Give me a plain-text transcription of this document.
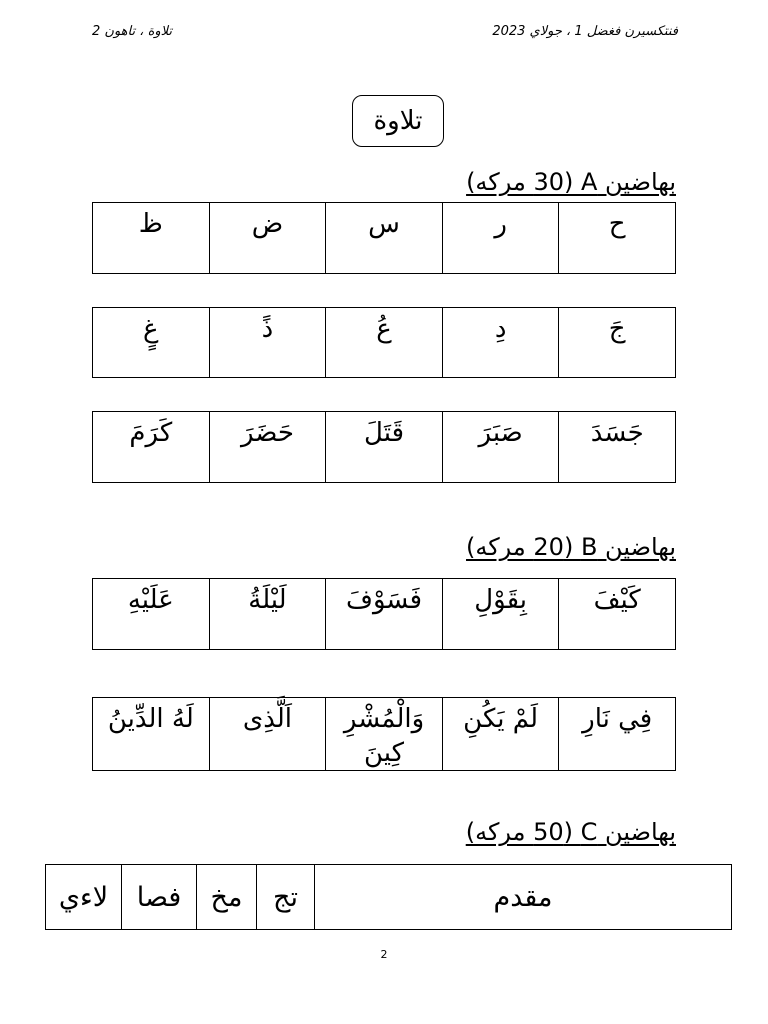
فنتكسيرن فغضل 1 ، جولاي 2023
تلاوة ، تاهون 2
تلاوة
بهاضين A (30 مركه)
ح	ر	س	ض	ظ
جَ	دِ	عُ	ذً	غٍ
جَسَدَ	صَبَرَ	قَتَلَ	حَضَرَ	كَرَمَ
بهاضين B (20 مركه)
كَيْفَ	بِقَوْلِ	فَسَوْفَ	لَيْلَةُ	عَلَيْهِ
فِي نَارِ	لَمْ يَكُنِ	وَالْمُشْرِ كِينَ	اَلَّذِى	لَهُ الدِّينُ
بهاضين C (50 مركه)
مقدم	تج	مخ	فصا	لاءي
2
